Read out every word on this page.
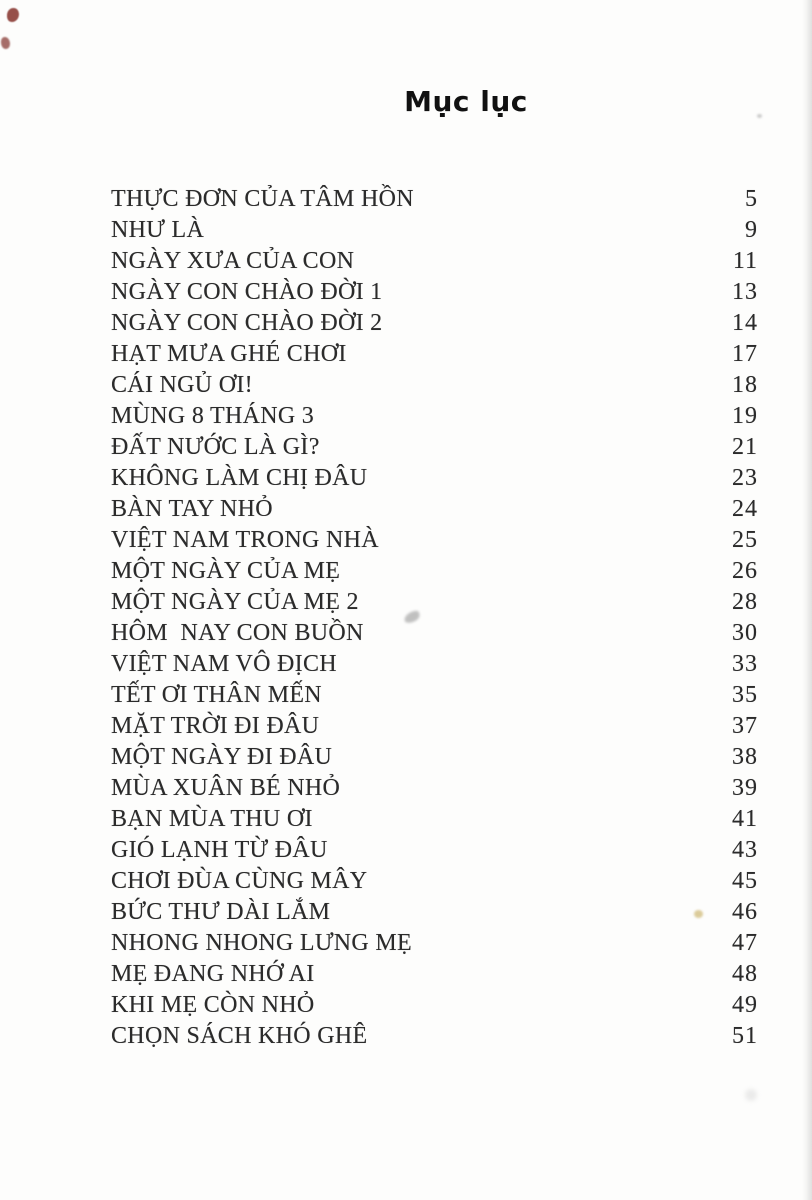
Mục lục
THỰC ĐƠN CỦA TÂM HỒN	5
NHƯ LÀ	9
NGÀY XƯA CỦA CON	11
NGÀY CON CHÀO ĐỜI 1	13
NGÀY CON CHÀO ĐỜI 2	14
HẠT MƯA GHÉ CHƠI	17
CÁI NGỦ ƠI!	18
MÙNG 8 THÁNG 3	19
ĐẤT NƯỚC LÀ GÌ?	21
KHÔNG LÀM CHỊ ĐÂU	23
BÀN TAY NHỎ	24
VIỆT NAM TRONG NHÀ	25
MỘT NGÀY CỦA MẸ	26
MỘT NGÀY CỦA MẸ 2	28
HÔM  NAY CON BUỒN	30
VIỆT NAM VÔ ĐỊCH	33
TẾT ƠI THÂN MẾN	35
MẶT TRỜI ĐI ĐÂU	37
MỘT NGÀY ĐI ĐÂU	38
MÙA XUÂN BÉ NHỎ	39
BẠN MÙA THU ƠI	41
GIÓ LẠNH TỪ ĐÂU	43
CHƠI ĐÙA CÙNG MÂY	45
BỨC THƯ DÀI LẮM	46
NHONG NHONG LƯNG MẸ	47
MẸ ĐANG NHỚ AI	48
KHI MẸ CÒN NHỎ	49
CHỌN SÁCH KHÓ GHÊ	51
